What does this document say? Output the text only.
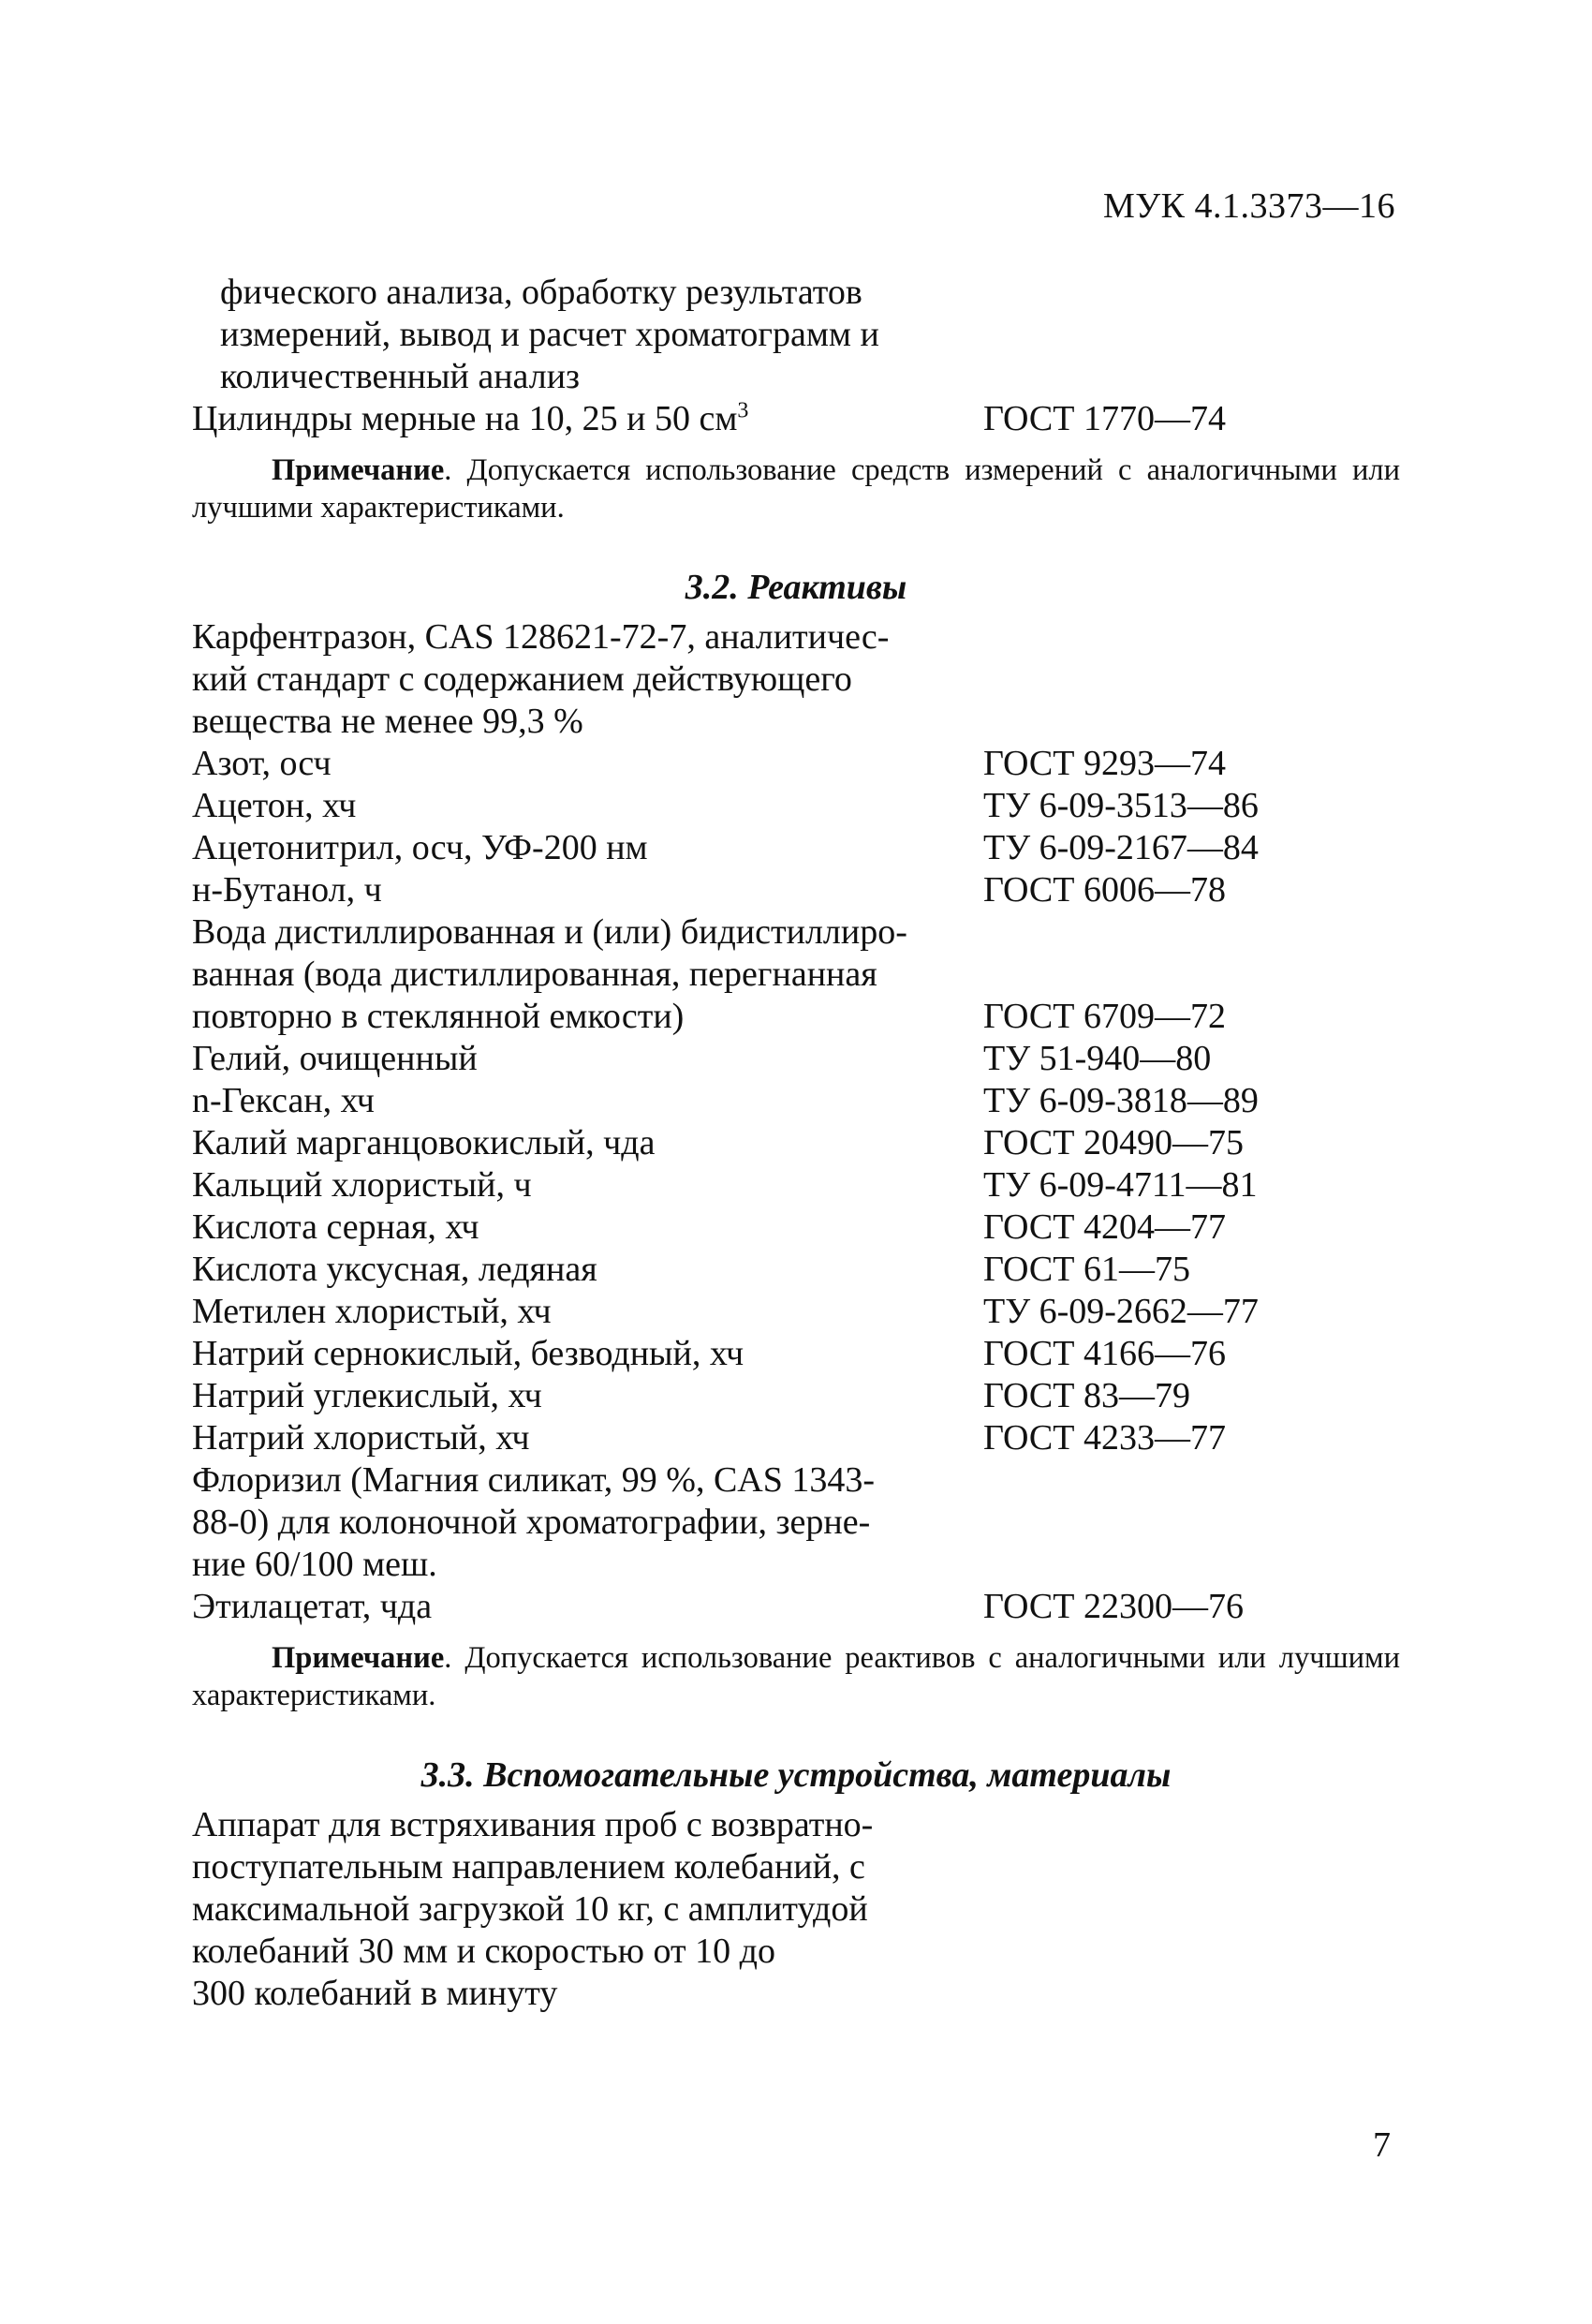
МУК 4.1.3373—16
фического анализа, обработку результатов
измерений, вывод и расчет хроматограмм и
количественный анализ
Цилиндры мерные на 10, 25 и 50 $см^3$	ГОСТ 1770—74

Примечание. Допускается использование средств измерений с аналогичными или лучшими характеристиками.

3.2. Реактивы
Карфентразон, CAS 128621-72-7, аналитичес-
кий стандарт с содержанием действующего
вещества не менее 99,3 %
Азот, осч	ГОСТ 9293—74
Ацетон, хч	ТУ 6-09-3513—86
Ацетонитрил, осч, УФ-200 нм	ТУ 6-09-2167—84
н-Бутанол, ч	ГОСТ 6006—78
Вода дистиллированная и (или) бидистиллиро-
ванная (вода дистиллированная, перегнанная
повторно в стеклянной емкости)	ГОСТ 6709—72
Гелий, очищенный	ТУ 51-940—80
n-Гексан, хч	ТУ 6-09-3818—89
Калий марганцовокислый, чда	ГОСТ 20490—75
Кальций хлористый, ч	ТУ 6-09-4711—81
Кислота серная, хч	ГОСТ 4204—77
Кислота уксусная, ледяная	ГОСТ 61—75
Метилен хлористый, хч	ТУ 6-09-2662—77
Натрий сернокислый, безводный, хч	ГОСТ 4166—76
Натрий углекислый, хч	ГОСТ 83—79
Натрий хлористый, хч	ГОСТ 4233—77
Флоризил (Магния силикат, 99 %, CAS 1343-
88-0) для колоночной хроматографии, зерне-
ние 60/100 меш.
Этилацетат, чда	ГОСТ 22300—76

Примечание. Допускается использование реактивов с аналогичными или лучшими характеристиками.

3.3. Вспомогательные устройства, материалы
Аппарат для встряхивания проб с возвратно-
поступательным направлением колебаний, с
максимальной загрузкой 10 кг, с амплитудой
колебаний 30 мм и скоростью от 10 до
300 колебаний в минуту
7
